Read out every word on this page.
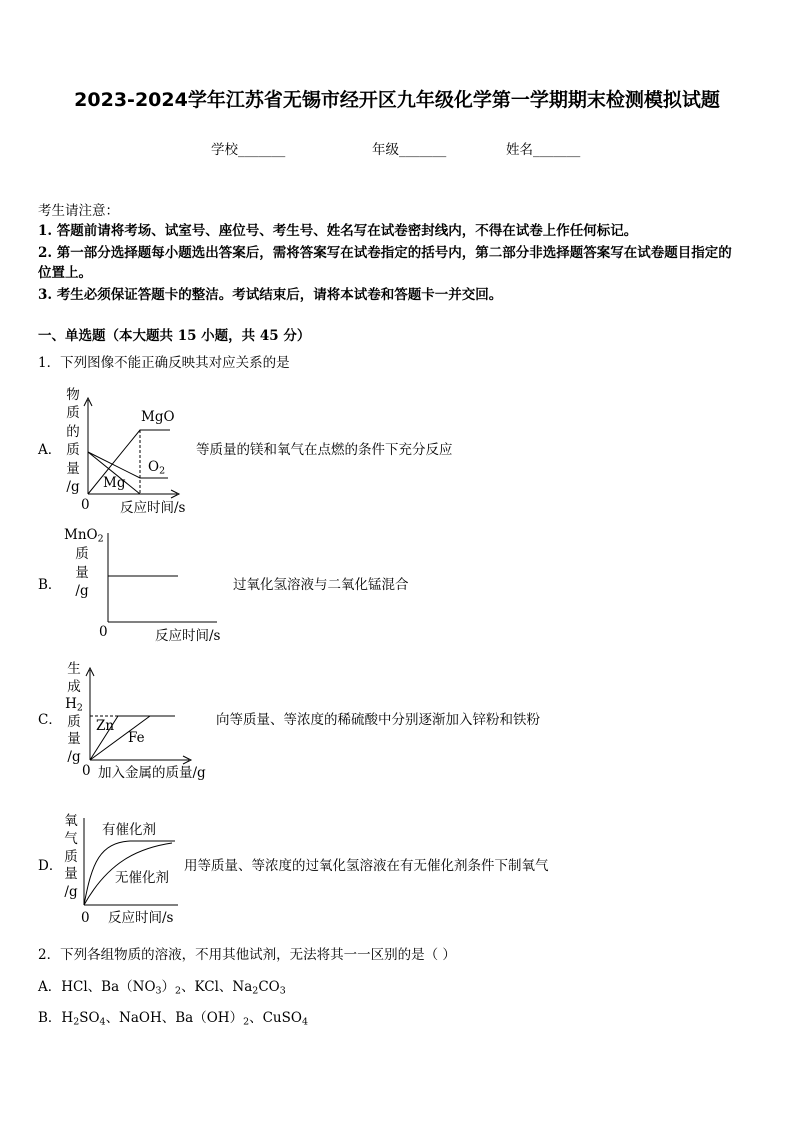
2023-2024学年江苏省无锡市经开区九年级化学第一学期期末检测模拟试题
学校_______	年级_______	姓名_______
考生请注意：
1. 答题前请将考场、试室号、座位号、考生号、姓名写在试卷密封线内，不得在试卷上作任何标记。
2. 第一部分选择题每小题选出答案后，需将答案写在试卷指定的括号内，第二部分非选择题答案写在试卷题目指定的
位置上。
3. 考生必须保证答题卡的整洁。考试结束后，请将本试卷和答题卡一并交回。
一、单选题（本大题共 15 小题，共 45 分）
1．下列图像不能正确反映其对应关系的是
A．
物
质
的
质
量
/g
0 反应时间/s
MgO
$O_2$
Mg
等质量的镁和氧气在点燃的条件下充分反应
B．
MnO$_2$
质
量
/g
0	反应时间/s
过氧化氢溶液与二氧化锰混合
C．
生
成
$H_2$
质
量
/g
0 加入金属的质量/g
Zn
Fe
向等质量、等浓度的稀硫酸中分别逐渐加入锌粉和铁粉
D．
氧
气
质
量
/g
0 反应时间/s
有催化剂
无催化剂
用等质量、等浓度的过氧化氢溶液在有无催化剂条件下制氧气
2．下列各组物质的溶液，不用其他试剂，无法将其一一区别的是（ ）
A．HCl、$Ba(NO_3)_2$、KCl、$Na_2CO_3$
B．$H_2SO_4$、NaOH、$Ba(OH)_2$、CuSO$_4$
